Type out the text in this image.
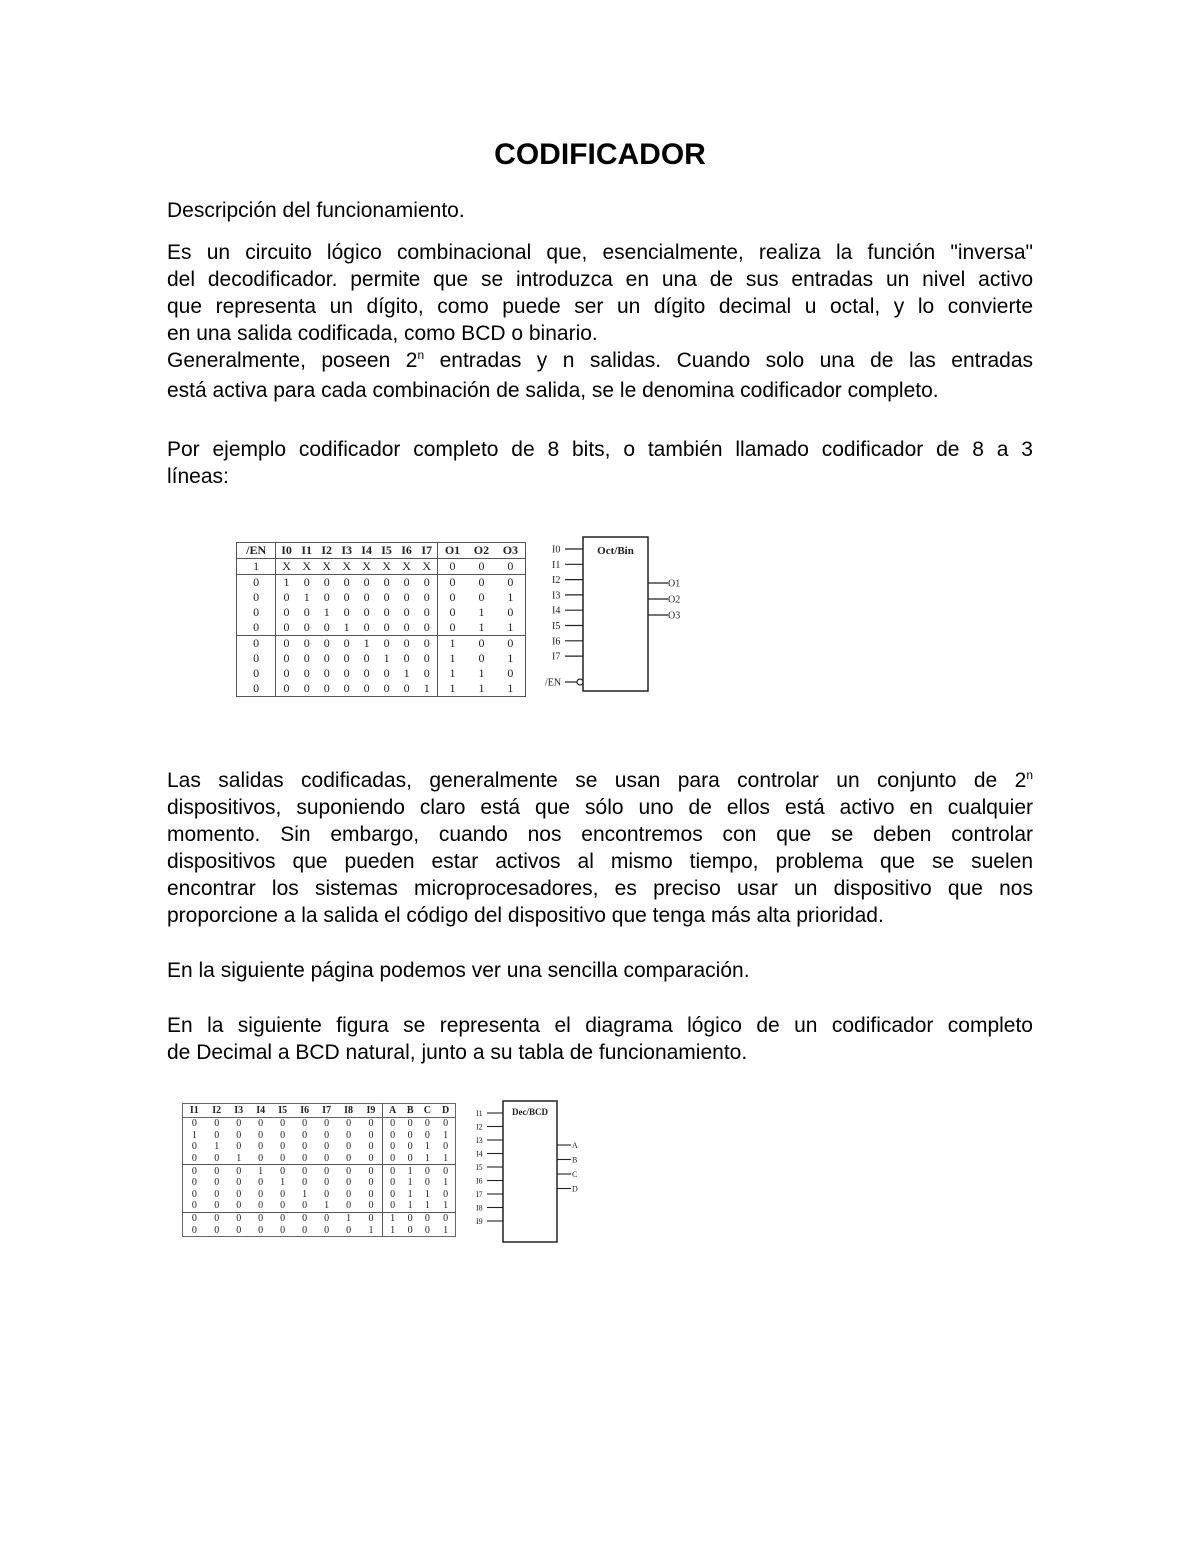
CODIFICADOR
Descripción del funcionamiento.
Es un circuito lógico combinacional que, esencialmente, realiza la función "inversa"
del decodificador. permite que se introduzca en una de sus entradas un nivel activo
que representa un dígito, como puede ser un dígito decimal u octal, y lo convierte
en una salida codificada, como BCD o binario.
Generalmente, poseen 2$^n$ entradas y n salidas. Cuando solo una de las entradas
está activa para cada combinación de salida, se le denomina codificador completo.
Por ejemplo codificador completo de 8 bits, o también llamado codificador de 8 a 3
líneas:
/EN	I0	I1	I2	I3	I4	I5	I6	I7	O1	O2	O3
1	X	X	X	X	X	X	X	X	0	0	0
0	1	0	0	0	0	0	0	0	0	0	0
0	0	1	0	0	0	0	0	0	0	0	1
0	0	0	1	0	0	0	0	0	0	1	0
0	0	0	0	1	0	0	0	0	0	1	1
0	0	0	0	0	1	0	0	0	1	0	0
0	0	0	0	0	0	1	0	0	1	0	1
0	0	0	0	0	0	0	1	0	1	1	0
0	0	0	0	0	0	0	0	1	1	1	1
Oct/Bin
I0
I1
I2
I3
I4
I5
I6
I7
O1
O2
O3
/EN
Las salidas codificadas, generalmente se usan para controlar un conjunto de 2$^n$
dispositivos, suponiendo claro está que sólo uno de ellos está activo en cualquier
momento. Sin embargo, cuando nos encontremos con que se deben controlar
dispositivos que pueden estar activos al mismo tiempo, problema que se suelen
encontrar los sistemas microprocesadores, es preciso usar un dispositivo que nos
proporcione a la salida el código del dispositivo que tenga más alta prioridad.
En la siguiente página podemos ver una sencilla comparación.
En la siguiente figura se representa el diagrama lógico de un codificador completo
de Decimal a BCD natural, junto a su tabla de funcionamiento.
I1	I2	I3	I4	I5	I6	I7	I8	I9	A	B	C	D
0	0	0	0	0	0	0	0	0	0	0	0	0
1	0	0	0	0	0	0	0	0	0	0	0	1
0	1	0	0	0	0	0	0	0	0	0	1	0
0	0	1	0	0	0	0	0	0	0	0	1	1
0	0	0	1	0	0	0	0	0	0	1	0	0
0	0	0	0	1	0	0	0	0	0	1	0	1
0	0	0	0	0	1	0	0	0	0	1	1	0
0	0	0	0	0	0	1	0	0	0	1	1	1
0	0	0	0	0	0	0	1	0	1	0	0	0
0	0	0	0	0	0	0	0	1	1	0	0	1
Dec/BCD
I1
I2
I3
I4
I5
I6
I7
I8
I9
A
B
C
D
